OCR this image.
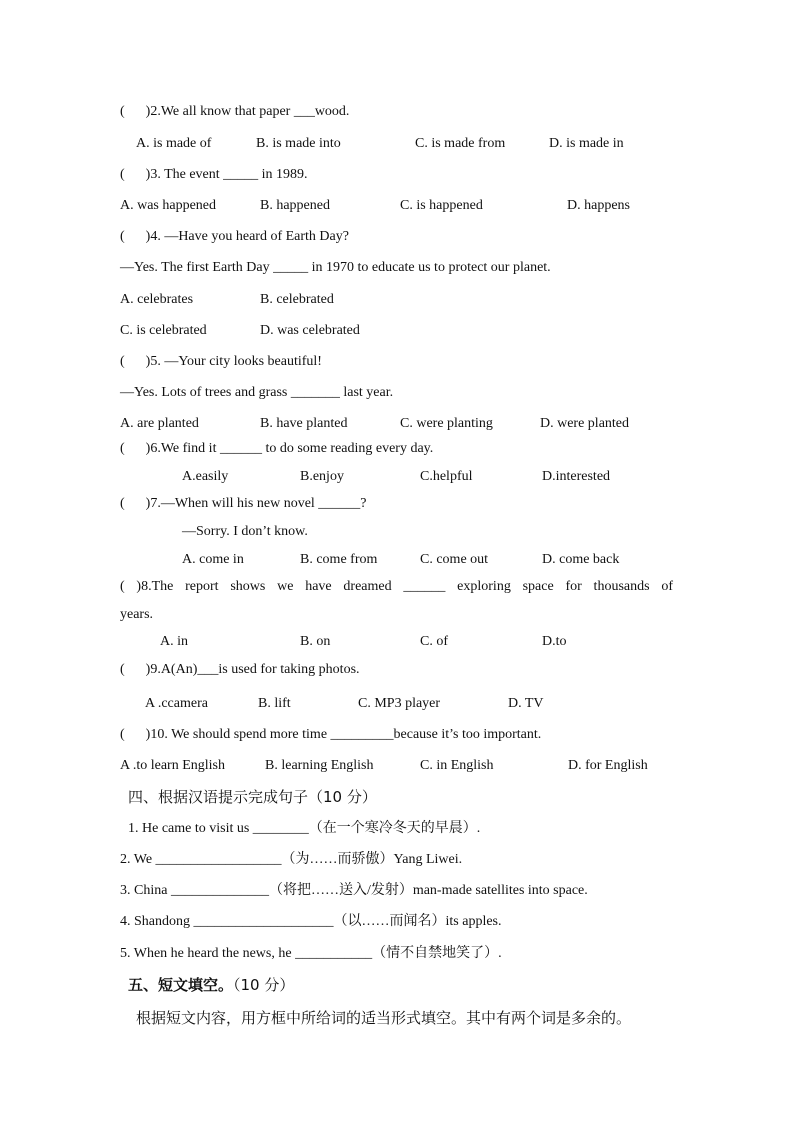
(      )2.We all know that paper ___wood.
A. is made of	B. is made into	C. is made from	D. is made in
(      )3. The event _____ in 1989.
A. was happened	B. happened	C. is happened	D. happens
(      )4. —Have you heard of Earth Day?
—Yes. The first Earth Day _____ in 1970 to educate us to protect our planet.
A. celebrates	B. celebrated
C. is celebrated	D. was celebrated
(      )5. —Your city looks beautiful!
—Yes. Lots of trees and grass _______ last year.
A. are planted	B. have planted	C. were planting	D. were planted
(      )6.We find it ______ to do some reading every day.
A.easily	B.enjoy	C.helpful	D.interested
(      )7.—When will his new novel ______?
—Sorry. I don’t know.
A. come in	B. come from	C. come out	D. come back
( )8.The report shows we have dreamed ______ exploring space for thousands of
years.
A. in	B. on	C. of	D.to
(      )9.A(An)___is used for taking photos.
A .ccamera	B. lift	C. MP3 player	D. TV
(      )10. We should spend more time _________because it’s too important.
A .to learn English	B. learning English	C. in English	D. for English
四、根据汉语提示完成句子（10 分）
1. He came to visit us ________（在一个寒冷冬天的早晨）.
2. We __________________（为……而骄傲）Yang Liwei.
3. China ______________（将把……送入/发射）man-made satellites into space.
4. Shandong ____________________（以……而闻名）its apples.
5. When he heard the news, he ___________（情不自禁地笑了）.
五、短文填空。（10 分）
根据短文内容，用方框中所给词的适当形式填空。其中有两个词是多余的。
